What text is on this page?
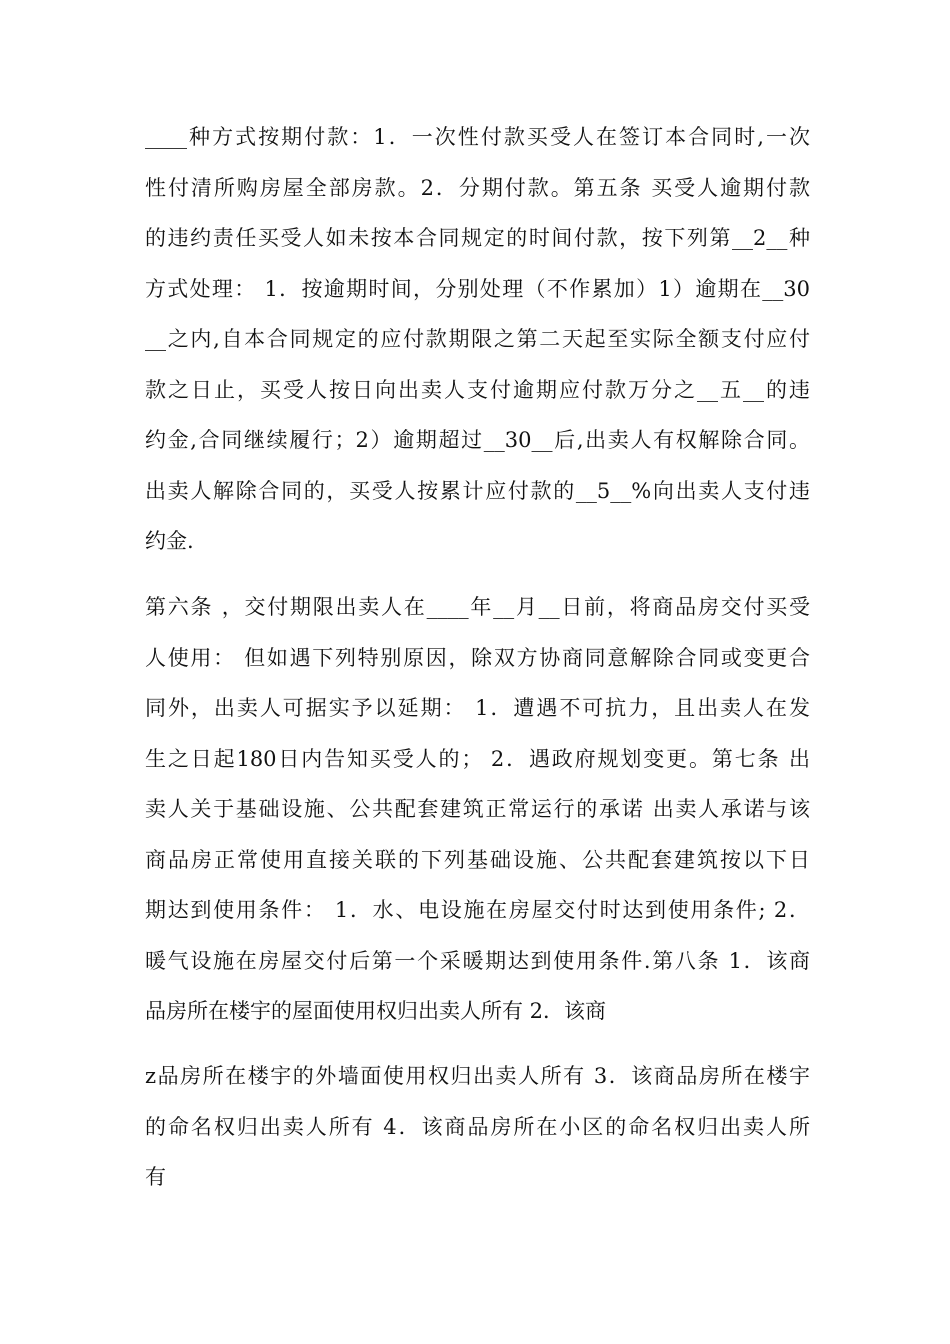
____种方式按期付款：1．一次性付款买受人在签订本合同时,一次
性付清所购房屋全部房款。2．分期付款。第五条 买受人逾期付款
的违约责任买受人如未按本合同规定的时间付款，按下列第__2__种
方式处理： 1．按逾期时间，分别处理（不作累加）1）逾期在__30
__之内,自本合同规定的应付款期限之第二天起至实际全额支付应付
款之日止，买受人按日向出卖人支付逾期应付款万分之__五__的违
约金,合同继续履行；2）逾期超过__30__后,出卖人有权解除合同。
出卖人解除合同的，买受人按累计应付款的__5__%向出卖人支付违
约金.

第六条 ，交付期限出卖人在____年__月__日前，将商品房交付买受
人使用： 但如遇下列特别原因，除双方协商同意解除合同或变更合
同外，出卖人可据实予以延期： 1．遭遇不可抗力，且出卖人在发
生之日起180日内告知买受人的； 2．遇政府规划变更。第七条 出
卖人关于基础设施、公共配套建筑正常运行的承诺 出卖人承诺与该
商品房正常使用直接关联的下列基础设施、公共配套建筑按以下日
期达到使用条件： 1．水、电设施在房屋交付时达到使用条件; 2．
暖气设施在房屋交付后第一个采暖期达到使用条件.第八条 1．该商
品房所在楼宇的屋面使用权归出卖人所有 2．该商

z品房所在楼宇的外墙面使用权归出卖人所有 3．该商品房所在楼宇
的命名权归出卖人所有 4．该商品房所在小区的命名权归出卖人所
有
